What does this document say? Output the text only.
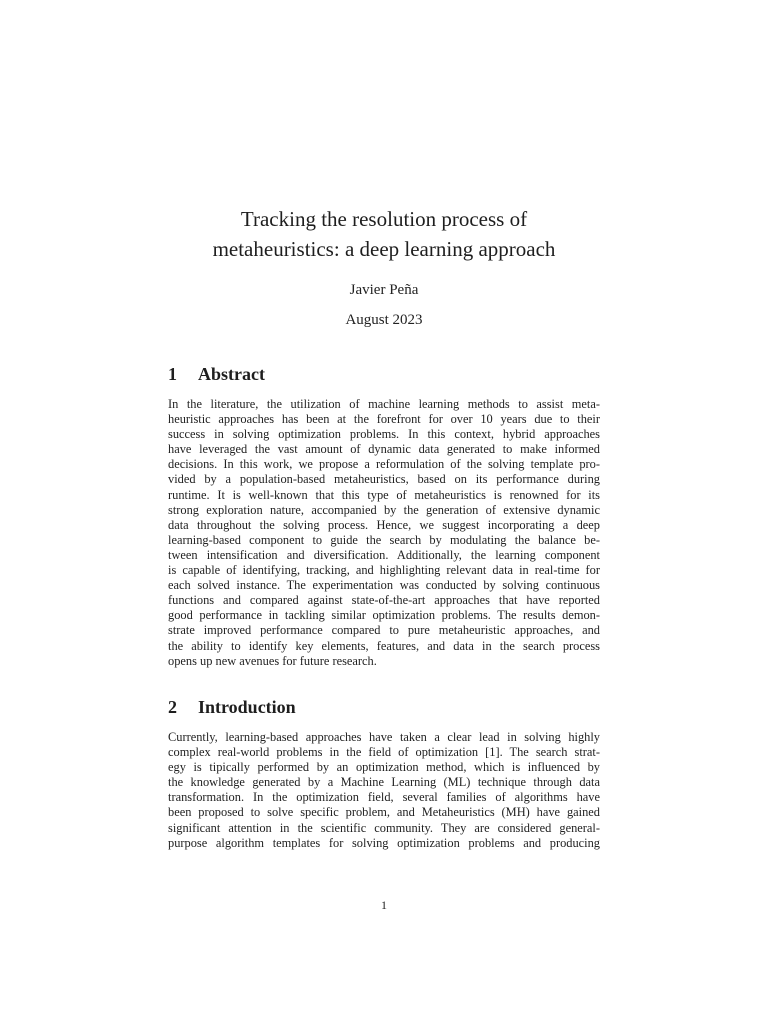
Tracking the resolution process of
metaheuristics: a deep learning approach

Javier Peña

August 2023

1 Abstract
In the literature, the utilization of machine learning methods to assist meta-
heuristic approaches has been at the forefront for over 10 years due to their
success in solving optimization problems. In this context, hybrid approaches
have leveraged the vast amount of dynamic data generated to make informed
decisions. In this work, we propose a reformulation of the solving template pro-
vided by a population-based metaheuristics, based on its performance during
runtime. It is well-known that this type of metaheuristics is renowned for its
strong exploration nature, accompanied by the generation of extensive dynamic
data throughout the solving process. Hence, we suggest incorporating a deep
learning-based component to guide the search by modulating the balance be-
tween intensification and diversification. Additionally, the learning component
is capable of identifying, tracking, and highlighting relevant data in real-time for
each solved instance. The experimentation was conducted by solving continuous
functions and compared against state-of-the-art approaches that have reported
good performance in tackling similar optimization problems. The results demon-
strate improved performance compared to pure metaheuristic approaches, and
the ability to identify key elements, features, and data in the search process
opens up new avenues for future research.
2 Introduction
Currently, learning-based approaches have taken a clear lead in solving highly
complex real-world problems in the field of optimization [1]. The search strat-
egy is tipically performed by an optimization method, which is influenced by
the knowledge generated by a Machine Learning (ML) technique through data
transformation. In the optimization field, several families of algorithms have
been proposed to solve specific problem, and Metaheuristics (MH) have gained
significant attention in the scientific community. They are considered general-
purpose algorithm templates for solving optimization problems and producing

1
